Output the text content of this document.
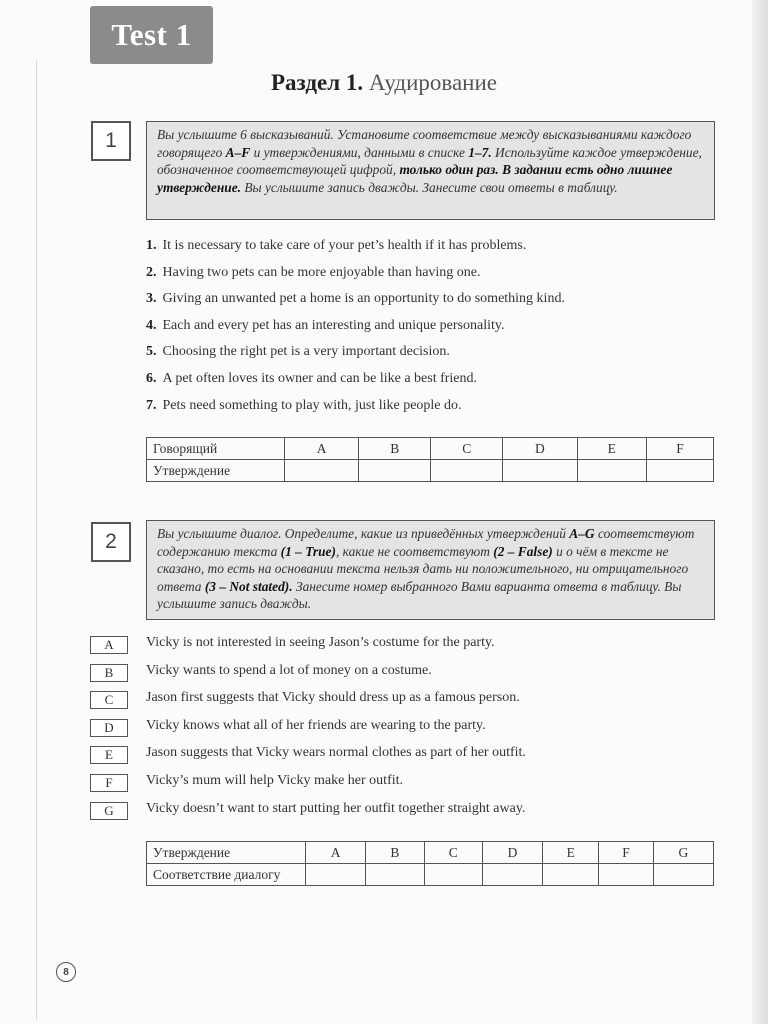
Test 1
Раздел 1. Аудирование
1	Вы услышите 6 высказываний. Установите соответствие между высказываниями каждого говорящего A–F и утверждениями, данными в списке 1–7. Используйте каждое утверждение, обозначенное соответствующей цифрой, только один раз. В задании есть одно лишнее утверждение. Вы услышите запись дважды. Занесите свои ответы в таблицу.
1. It is necessary to take care of your pet’s health if it has problems.
2. Having two pets can be more enjoyable than having one.
3. Giving an unwanted pet a home is an opportunity to do something kind.
4. Each and every pet has an interesting and unique personality.
5. Choosing the right pet is a very important decision.
6. A pet often loves its owner and can be like a best friend.
7. Pets need something to play with, just like people do.
Говорящий	A	B	C	D	E	F
Утверждение						
2	Вы услышите диалог. Определите, какие из приведённых утверждений A–G соответствуют содержанию текста (1 – True), какие не соответствуют (2 – False) и о чём в тексте не сказано, то есть на основании текста нельзя дать ни положительного, ни отрицательного ответа (3 – Not stated). Занесите номер выбранного Вами варианта ответа в таблицу. Вы услышите запись дважды.
A	Vicky is not interested in seeing Jason’s costume for the party.
B	Vicky wants to spend a lot of money on a costume.
C	Jason first suggests that Vicky should dress up as a famous person.
D	Vicky knows what all of her friends are wearing to the party.
E	Jason suggests that Vicky wears normal clothes as part of her outfit.
F	Vicky’s mum will help Vicky make her outfit.
G	Vicky doesn’t want to start putting her outfit together straight away.
Утверждение	A	B	C	D	E	F	G
Соответствие диалогу							
8
